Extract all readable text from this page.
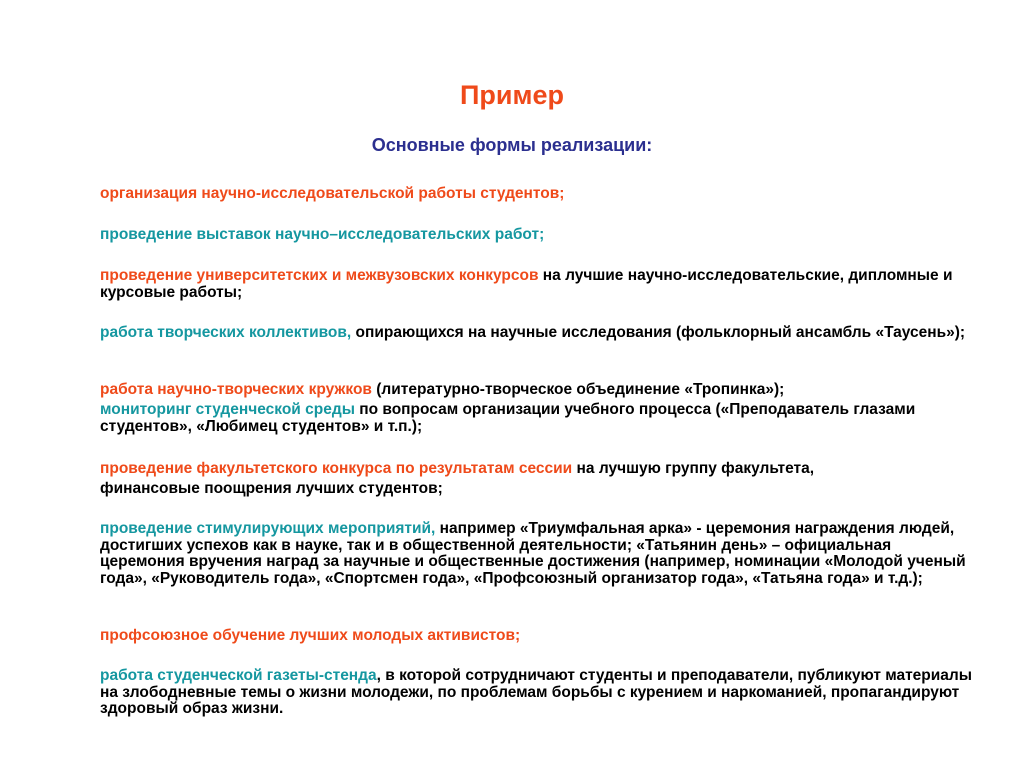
Пример
Основные формы реализации:
организация научно-исследовательской работы студентов;
проведение выставок научно–исследовательских работ;
проведение университетских и межвузовских конкурсов на лучшие научно-исследовательские, дипломные и курсовые работы;
работа творческих коллективов, опирающихся на научные исследования (фольклорный ансамбль «Таусень»);
работа научно-творческих кружков (литературно-творческое объединение «Тропинка»);
мониторинг студенческой среды по вопросам организации учебного процесса («Преподаватель глазами студентов», «Любимец студентов» и т.п.);
проведение факультетского конкурса по результатам сессии на лучшую группу факультета,
финансовые поощрения лучших студентов;
проведение стимулирующих мероприятий, например «Триумфальная арка» - церемония награждения людей, достигших успехов как в науке, так и в общественной деятельности; «Татьянин день» – официальная церемония вручения наград за научные и общественные достижения (например, номинации «Молодой ученый года», «Руководитель года», «Спортсмен года», «Профсоюзный организатор года», «Татьяна года» и т.д.);
профсоюзное обучение лучших молодых активистов;
работа студенческой газеты-стенда, в которой сотрудничают студенты и преподаватели, публикуют материалы на злободневные темы о жизни молодежи, по проблемам борьбы с курением и наркоманией, пропагандируют здоровый образ жизни.
